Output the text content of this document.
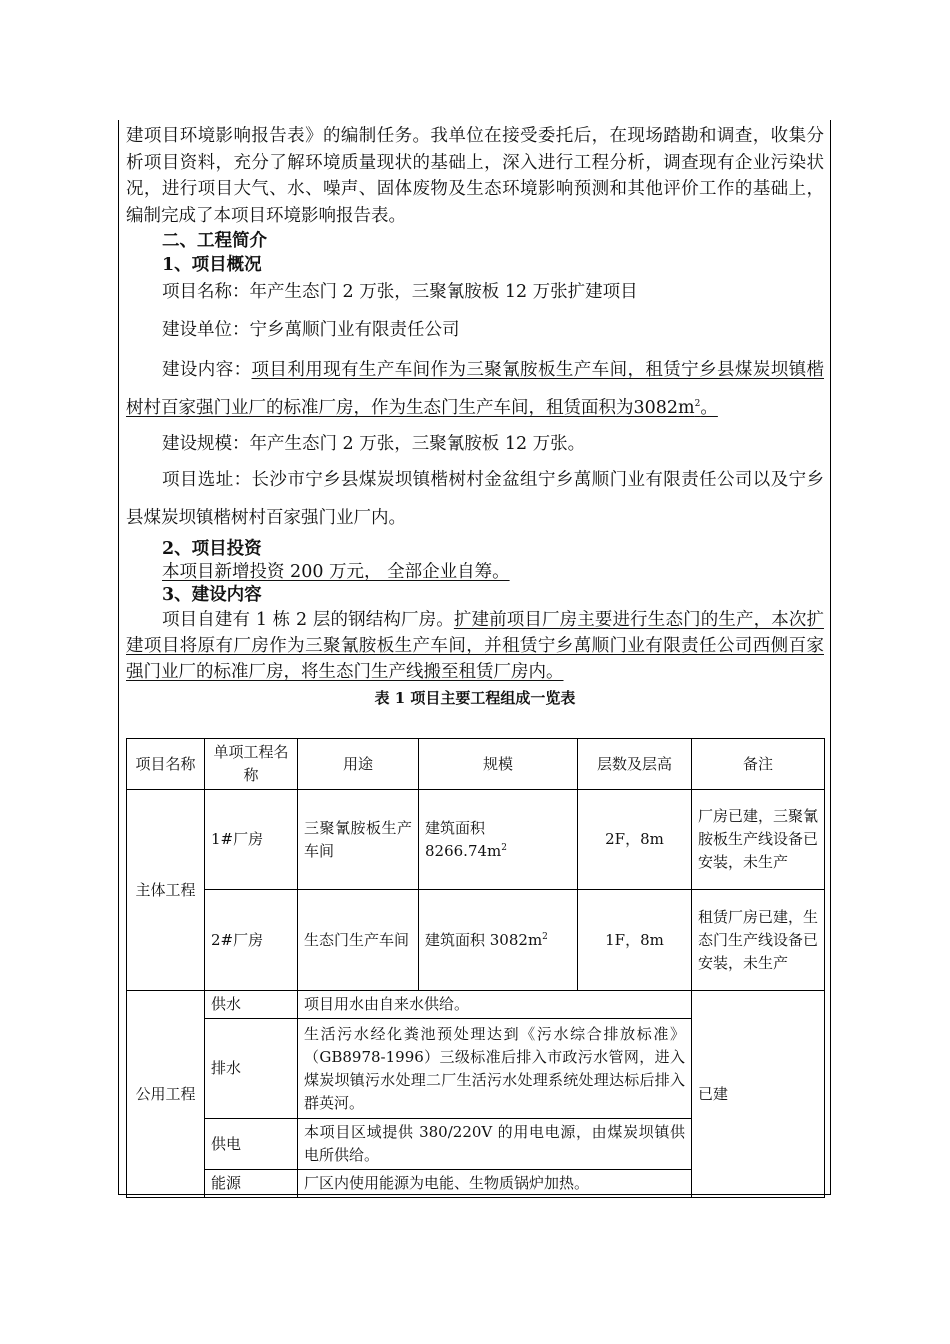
建项目环境影响报告表》的编制任务。我单位在接受委托后，在现场踏勘和调查，收集分析项目资料，充分了解环境质量现状的基础上，深入进行工程分析，调查现有企业污染状况，进行项目大气、水、噪声、固体废物及生态环境影响预测和其他评价工作的基础上，编制完成了本项目环境影响报告表。

二、工程简介

1、项目概况

项目名称：年产生态门 2 万张，三聚氰胺板 12 万张扩建项目

建设单位：宁乡萬顺门业有限责任公司

建设内容：项目利用现有生产车间作为三聚氰胺板生产车间，租赁宁乡县煤炭坝镇楷树村百家强门业厂的标准厂房，作为生态门生产车间，租赁面积为$3082m^2$。

建设规模：年产生态门 2 万张，三聚氰胺板 12 万张。

项目选址：长沙市宁乡县煤炭坝镇楷树村金盆组宁乡萬顺门业有限责任公司以及宁乡县煤炭坝镇楷树村百家强门业厂内。

2、项目投资

本项目新增投资 200 万元， 全部企业自筹。

3、建设内容

项目自建有 1 栋 2 层的钢结构厂房。扩建前项目厂房主要进行生态门的生产，本次扩建项目将原有厂房作为三聚氰胺板生产车间，并租赁宁乡萬顺门业有限责任公司西侧百家强门业厂的标准厂房，将生态门生产线搬至租赁厂房内。

表 1 项目主要工程组成一览表
项目名称	单项工程名称	用途	规模	层数及层高	备注
主体工程	1#厂房	三聚氰胺板生产车间	建筑面积 $8266.74m^2$	2F，8m	厂房已建，三聚氰胺板生产线设备已安装，未生产
	2#厂房	生态门生产车间	建筑面积 $3082m^2$	1F，8m	租赁厂房已建，生态门生产线设备已安装，未生产
公用工程	供水	项目用水由自来水供给。			已建
	排水	生活污水经化粪池预处理达到《污水综合排放标准》（GB8978-1996）三级标准后排入市政污水管网，进入煤炭坝镇污水处理二厂生活污水处理系统处理达标后排入群英河。			
	供电	本项目区域提供 380/220V 的用电电源，由煤炭坝镇供电所供给。			
	能源	厂区内使用能源为电能、生物质锅炉加热。			
